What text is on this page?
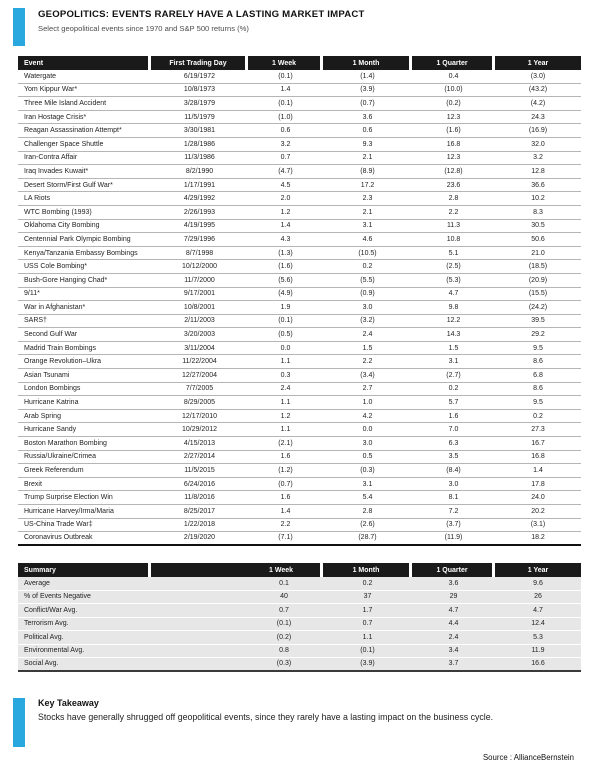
GEOPOLITICS: EVENTS RARELY HAVE A LASTING MARKET IMPACT
Select geopolitical events since 1970 and S&P 500 returns (%)
Event	First Trading Day	1 Week	1 Month	1 Quarter	1 Year
Watergate	6/19/1972	(0.1)	(1.4)	0.4	(3.0)
Yom Kippur War*	10/8/1973	1.4	(3.9)	(10.0)	(43.2)
Three Mile Island Accident	3/28/1979	(0.1)	(0.7)	(0.2)	(4.2)
Iran Hostage Crisis*	11/5/1979	(1.0)	3.6	12.3	24.3
Reagan Assassination Attempt*	3/30/1981	0.6	0.6	(1.6)	(16.9)
Challenger Space Shuttle	1/28/1986	3.2	9.3	16.8	32.0
Iran-Contra Affair	11/3/1986	0.7	2.1	12.3	3.2
Iraq Invades Kuwait*	8/2/1990	(4.7)	(8.9)	(12.8)	12.8
Desert Storm/First Gulf War*	1/17/1991	4.5	17.2	23.6	36.6
LA Riots	4/29/1992	2.0	2.3	2.8	10.2
WTC Bombing (1993)	2/26/1993	1.2	2.1	2.2	8.3
Oklahoma City Bombing	4/19/1995	1.4	3.1	11.3	30.5
Centennial Park Olympic Bombing	7/29/1996	4.3	4.6	10.8	50.6
Kenya/Tanzania Embassy Bombings	8/7/1998	(1.3)	(10.5)	5.1	21.0
USS Cole Bombing*	10/12/2000	(1.6)	0.2	(2.5)	(18.5)
Bush-Gore Hanging Chad*	11/7/2000	(5.6)	(5.5)	(5.3)	(20.9)
9/11*	9/17/2001	(4.9)	(0.9)	4.7	(15.5)
War in Afghanistan*	10/8/2001	1.9	3.0	9.8	(24.2)
SARS†	2/11/2003	(0.1)	(3.2)	12.2	39.5
Second Gulf War	3/20/2003	(0.5)	2.4	14.3	29.2
Madrid Train Bombings	3/11/2004	0.0	1.5	1.5	9.5
Orange Revolution–Ukra	11/22/2004	1.1	2.2	3.1	8.6
Asian Tsunami	12/27/2004	0.3	(3.4)	(2.7)	6.8
London Bombings	7/7/2005	2.4	2.7	0.2	8.6
Hurricane Katrina	8/29/2005	1.1	1.0	5.7	9.5
Arab Spring	12/17/2010	1.2	4.2	1.6	0.2
Hurricane Sandy	10/29/2012	1.1	0.0	7.0	27.3
Boston Marathon Bombing	4/15/2013	(2.1)	3.0	6.3	16.7
Russia/Ukraine/Crimea	2/27/2014	1.6	0.5	3.5	16.8
Greek Referendum	11/5/2015	(1.2)	(0.3)	(8.4)	1.4
Brexit	6/24/2016	(0.7)	3.1	3.0	17.8
Trump Surprise Election Win	11/8/2016	1.6	5.4	8.1	24.0
Hurricane Harvey/Irma/Maria	8/25/2017	1.4	2.8	7.2	20.2
US-China Trade War‡	1/22/2018	2.2	(2.6)	(3.7)	(3.1)
Coronavirus Outbreak	2/19/2020	(7.1)	(28.7)	(11.9)	18.2
Summary	1 Week	1 Month	1 Quarter	1 Year
Average	0.1	0.2	3.6	9.6
% of Events Negative	40	37	29	26
Conflict/War Avg.	0.7	1.7	4.7	4.7
Terrorism Avg.	(0.1)	0.7	4.4	12.4
Political Avg.	(0.2)	1.1	2.4	5.3
Environmental Avg.	0.8	(0.1)	3.4	11.9
Social Avg.	(0.3)	(3.9)	3.7	16.6
Key Takeaway
Stocks have generally shrugged off geopolitical events, since they rarely have a lasting impact on the business cycle.
Source : AllianceBernstein
